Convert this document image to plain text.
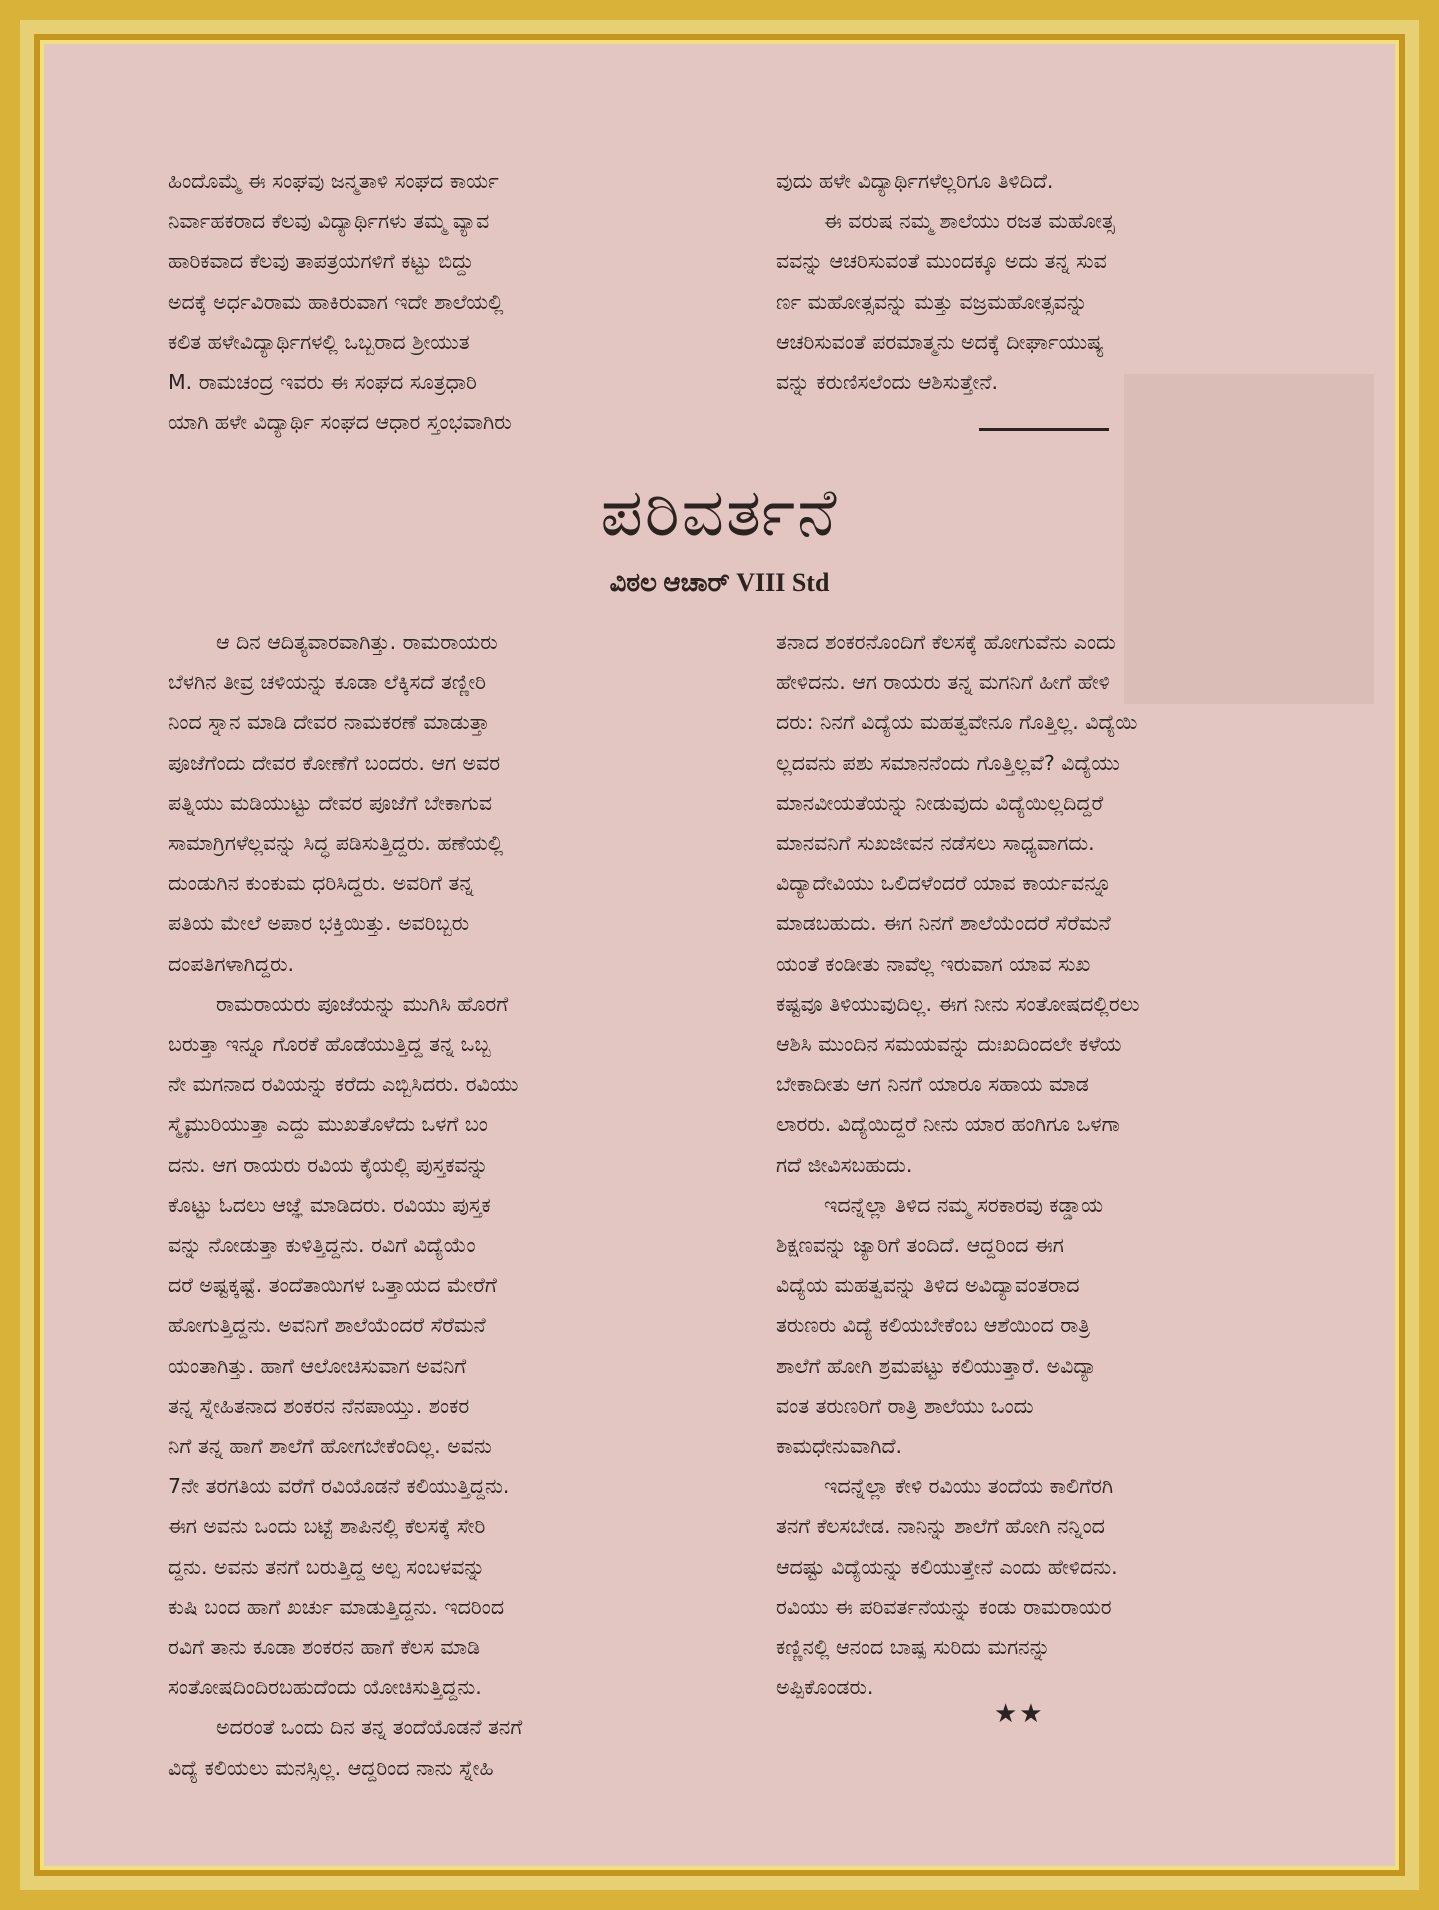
ಹಿಂದೊಮ್ಮೆ ಈ ಸಂಘವು ಜನ್ಮತಾಳಿ ಸಂಘದ ಕಾರ್ಯ

ನಿರ್ವಾಹಕರಾದ ಕೆಲವು ವಿದ್ಯಾರ್ಥಿಗಳು ತಮ್ಮ ವ್ಯಾವ

ಹಾರಿಕವಾದ ಕೆಲವು ತಾಪತ್ರಯಗಳಿಗೆ ಕಟ್ಟು ಬಿದ್ದು

ಅದಕ್ಕೆ ಅರ್ಧವಿರಾಮ ಹಾಕಿರುವಾಗ ಇದೇ ಶಾಲೆಯಲ್ಲಿ

ಕಲಿತ ಹಳೇವಿದ್ಯಾರ್ಥಿಗಳಲ್ಲಿ ಒಬ್ಬರಾದ ಶ್ರೀಯುತ

M. ರಾಮಚಂದ್ರ ಇವರು ಈ ಸಂಘದ ಸೂತ್ರಧಾರಿ

ಯಾಗಿ ಹಳೇ ವಿದ್ಯಾರ್ಥಿ ಸಂಘದ ಆಧಾರ ಸ್ತಂಭವಾಗಿರು

ವುದು ಹಳೇ ವಿದ್ಯಾರ್ಥಿಗಳೆಲ್ಲರಿಗೂ ತಿಳಿದಿದೆ.

ಈ ವರುಷ ನಮ್ಮ ಶಾಲೆಯು ರಜತ ಮಹೋತ್ಸ

ವವನ್ನು ಆಚರಿಸುವಂತೆ ಮುಂದಕ್ಕೂ ಅದು ತನ್ನ ಸುವ

ರ್ಣ ಮಹೋತ್ಸವನ್ನು ಮತ್ತು ವಜ್ರಮಹೋತ್ಸವನ್ನು

ಆಚರಿಸುವಂತೆ ಪರಮಾತ್ಮನು ಅದಕ್ಕೆ ದೀರ್ಘಾಯುಷ್ಯ

ವನ್ನು ಕರುಣಿಸಲೆಂದು ಆಶಿಸುತ್ತೇನೆ.

ಪರಿವರ್ತನೆ
ವಿಠಲ ಆಚಾರ್ VIII Std

ಆ ದಿನ ಆದಿತ್ಯವಾರವಾಗಿತ್ತು. ರಾಮರಾಯರು

ಬೆಳಗಿನ ತೀವ್ರ ಚಳಿಯನ್ನು ಕೂಡಾ ಲೆಕ್ಕಿಸದೆ ತಣ್ಣೀರಿ

ನಿಂದ ಸ್ನಾನ ಮಾಡಿ ದೇವರ ನಾಮಕರಣೆ ಮಾಡುತ್ತಾ

ಪೂಜೆಗೆಂದು ದೇವರ ಕೋಣೆಗೆ ಬಂದರು. ಆಗ ಅವರ

ಪತ್ನಿಯು ಮಡಿಯುಟ್ಟು ದೇವರ ಪೂಜೆಗೆ ಬೇಕಾಗುವ

ಸಾಮಾಗ್ರಿಗಳೆಲ್ಲವನ್ನು ಸಿದ್ಧ ಪಡಿಸುತ್ತಿದ್ದರು. ಹಣೆಯಲ್ಲಿ

ದುಂಡುಗಿನ ಕುಂಕುಮ ಧರಿಸಿದ್ದರು. ಅವರಿಗೆ ತನ್ನ

ಪತಿಯ ಮೇಲೆ ಅಪಾರ ಭಕ್ತಿಯಿತ್ತು. ಅವರಿಬ್ಬರು

ದಂಪತಿಗಳಾಗಿದ್ದರು.

ರಾಮರಾಯರು ಪೂಜೆಯನ್ನು ಮುಗಿಸಿ ಹೊರಗೆ

ಬರುತ್ತಾ ಇನ್ನೂ ಗೊರಕೆ ಹೊಡೆಯುತ್ತಿದ್ದ ತನ್ನ ಒಬ್ಬ

ನೇ ಮಗನಾದ ರವಿಯನ್ನು ಕರೆದು ಎಬ್ಬಿಸಿದರು. ರವಿಯು

ಸ್ಮೈಮುರಿಯುತ್ತಾ ಎದ್ದು ಮುಖತೊಳೆದು ಒಳಗೆ ಬಂ

ದನು. ಆಗ ರಾಯರು ರವಿಯ ಕೈಯಲ್ಲಿ ಪುಸ್ತಕವನ್ನು

ಕೊಟ್ಟು ಓದಲು ಆಜ್ಞೆ ಮಾಡಿದರು. ರವಿಯು ಪುಸ್ತಕ

ವನ್ನು ನೋಡುತ್ತಾ ಕುಳಿತ್ತಿದ್ದನು. ರವಿಗೆ ವಿದ್ಯೆಯೆಂ

ದರೆ ಅಷ್ಟಕ್ಕಷ್ಟೆ. ತಂದೆತಾಯಿಗಳ ಒತ್ತಾಯದ ಮೇರೆಗೆ

ಹೋಗುತ್ತಿದ್ದನು. ಅವನಿಗೆ ಶಾಲೆಯೆಂದರೆ ಸೆರೆಮನೆ

ಯಂತಾಗಿತ್ತು. ಹಾಗೆ ಆಲೋಚಿಸುವಾಗ ಅವನಿಗೆ

ತನ್ನ ಸ್ನೇಹಿತನಾದ ಶಂಕರನ ನೆನಪಾಯ್ತು. ಶಂಕರ

ನಿಗೆ ತನ್ನ ಹಾಗೆ ಶಾಲೆಗೆ ಹೋಗಬೇಕೆಂದಿಲ್ಲ. ಅವನು

7ನೇ ತರಗತಿಯ ವರೆಗೆ ರವಿಯೊಡನೆ ಕಲಿಯುತ್ತಿದ್ದನು.

ಈಗ ಅವನು ಒಂದು ಬಟ್ಟೆ ಶಾಪಿನಲ್ಲಿ ಕೆಲಸಕ್ಕೆ ಸೇರಿ

ದ್ದನು. ಅವನು ತನಗೆ ಬರುತ್ತಿದ್ದ ಅಲ್ಪ ಸಂಬಳವನ್ನು

ಕುಷಿ ಬಂದ ಹಾಗೆ ಖರ್ಚು ಮಾಡುತ್ತಿದ್ದನು. ಇದರಿಂದ

ರವಿಗೆ ತಾನು ಕೂಡಾ ಶಂಕರನ ಹಾಗೆ ಕೆಲಸ ಮಾಡಿ

ಸಂತೋಷದಿಂದಿರಬಹುದೆಂದು ಯೋಚಿಸುತ್ತಿದ್ದನು.

ಅದರಂತೆ ಒಂದು ದಿನ ತನ್ನ ತಂದೆಯೊಡನೆ ತನಗೆ

ವಿದ್ಯೆ ಕಲಿಯಲು ಮನಸ್ಸಿಲ್ಲ. ಆದ್ದರಿಂದ ನಾನು ಸ್ನೇಹಿ

ತನಾದ ಶಂಕರನೊಂದಿಗೆ ಕೆಲಸಕ್ಕೆ ಹೋಗುವೆನು ಎಂದು

ಹೇಳಿದನು. ಆಗ ರಾಯರು ತನ್ನ ಮಗನಿಗೆ ಹೀಗೆ ಹೇಳಿ

ದರು: ನಿನಗೆ ವಿದ್ಯೆಯ ಮಹತ್ವವೇನೂ ಗೊತ್ತಿಲ್ಲ. ವಿದ್ಯೆಯಿ

ಲ್ಲದವನು ಪಶು ಸಮಾನನೆಂದು ಗೊತ್ತಿಲ್ಲವೆ? ವಿದ್ಯೆಯು

ಮಾನವೀಯತೆಯನ್ನು ನೀಡುವುದು ವಿದ್ಯೆಯಿಲ್ಲದಿದ್ದರೆ

ಮಾನವನಿಗೆ ಸುಖಜೀವನ ನಡೆಸಲು ಸಾಧ್ಯವಾಗದು.

ವಿದ್ಯಾದೇವಿಯು ಒಲಿದಳೆಂದರೆ ಯಾವ ಕಾರ್ಯವನ್ನೂ

ಮಾಡಬಹುದು. ಈಗ ನಿನಗೆ ಶಾಲೆಯೆಂದರೆ ಸೆರೆಮನೆ

ಯಂತೆ ಕಂಡೀತು ನಾವೆಲ್ಲ ಇರುವಾಗ ಯಾವ ಸುಖ

ಕಷ್ಟವೂ ತಿಳಿಯುವುದಿಲ್ಲ. ಈಗ ನೀನು ಸಂತೋಷದಲ್ಲಿರಲು

ಆಶಿಸಿ ಮುಂದಿನ ಸಮಯವನ್ನು ದುಃಖದಿಂದಲೇ ಕಳೆಯ

ಬೇಕಾದೀತು ಆಗ ನಿನಗೆ ಯಾರೂ ಸಹಾಯ ಮಾಡ

ಲಾರರು. ವಿದ್ಯೆಯಿದ್ದರೆ ನೀನು ಯಾರ ಹಂಗಿಗೂ ಒಳಗಾ

ಗದೆ ಜೀವಿಸಬಹುದು.

ಇದನ್ನೆಲ್ಲಾ ತಿಳಿದ ನಮ್ಮ ಸರಕಾರವು ಕಡ್ಡಾಯ

ಶಿಕ್ಷಣವನ್ನು ಜ್ಯಾರಿಗೆ ತಂದಿದೆ. ಆದ್ದರಿಂದ ಈಗ

ವಿದ್ಯೆಯ ಮಹತ್ವವನ್ನು ತಿಳಿದ ಅವಿದ್ಯಾವಂತರಾದ

ತರುಣರು ವಿದ್ಯೆ ಕಲಿಯಬೇಕೆಂಬ ಆಶೆಯಿಂದ ರಾತ್ರಿ

ಶಾಲೆಗೆ ಹೋಗಿ ಶ್ರಮಪಟ್ಟು ಕಲಿಯುತ್ತಾರೆ. ಅವಿದ್ಯಾ

ವಂತ ತರುಣರಿಗೆ ರಾತ್ರಿ ಶಾಲೆಯು ಒಂದು

ಕಾಮಧೇನುವಾಗಿದೆ.

ಇದನ್ನೆಲ್ಲಾ ಕೇಳಿ ರವಿಯು ತಂದೆಯ ಕಾಲಿಗೆರಗಿ

ತನಗೆ ಕೆಲಸಬೇಡ. ನಾನಿನ್ನು ಶಾಲೆಗೆ ಹೋಗಿ ನನ್ನಿಂದ

ಆದಷ್ಟು ವಿದ್ಯೆಯನ್ನು ಕಲಿಯುತ್ತೇನೆ ಎಂದು ಹೇಳಿದನು.

ರವಿಯು ಈ ಪರಿವರ್ತನೆಯನ್ನು ಕಂಡು ರಾಮರಾಯರ

ಕಣ್ಣಿನಲ್ಲಿ ಆನಂದ ಬಾಷ್ಪ ಸುರಿದು ಮಗನನ್ನು

ಅಪ್ಪಿಕೊಂಡರು.

★★
